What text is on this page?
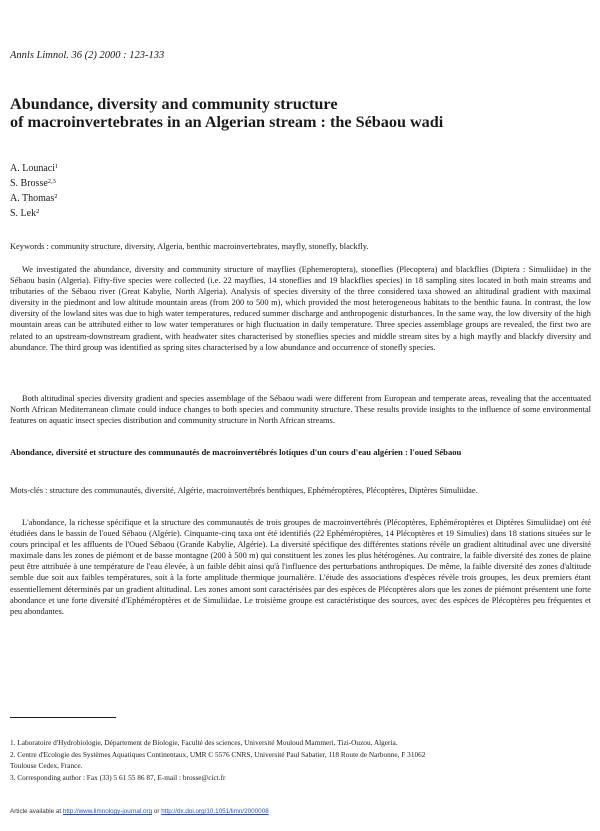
Annls Limnol. 36 (2) 2000 : 123-133
Abundance, diversity and community structure
of macroinvertebrates in an Algerian stream : the Sébaou wadi
A. Lounaci$^1$
S. Brosse$^{2,3}$
A. Thomas$^2$
S. Lek$^2$
Keywords : community structure, diversity, Algeria, benthic macroinvertebrates, mayfly, stonefly, blackfly.

We investigated the abundance, diversity and community structure of mayflies (Ephemeroptera), stoneflies (Plecoptera) and blackflies (Diptera : Simuliidae) in the Sébaou basin (Algeria). Fifty-five species were collected (i.e. 22 mayflies, 14 stoneflies and 19 blackflies species) in 18 sampling sites located in both main streams and tributaries of the Sébaou river (Great Kabylie, North Algeria). Analysis of species diversity of the three considered taxa showed an altitudinal gradient with maximal diversity in the piedmont and low altitude mountain areas (from 200 to 500 m), which provided the most heterogeneous habitats to the benthic fauna. In contrast, the low diversity of the lowland sites was due to high water temperatures, reduced summer discharge and anthropogenic disturbances. In the same way, the low diversity of the high mountain areas can be attributed either to low water temperatures or high fluctuation in daily temperature. Three species assemblage groups are revealed, the first two are related to an upstream-downstream gradient, with headwater sites characterised by stoneflies species and middle stream sites by a high mayfly and blackfy diversity and abundance. The third group was identified as spring sites characterised by a low abundance and occurrence of stonefly species.

Both altitudinal species diversity gradient and species assemblage of the Sébaou wadi were different from European and temperate areas, revealing that the accentuated North African Mediterranean climate could induce changes to both species and community structure. These results provide insights to the influence of some environmental features on aquatic insect species distribution and community structure in North African streams.

Abondance, diversité et structure des communautés de macroinvertébrés lotiques d'un cours d'eau algérien : l'oued Sébaou

Mots-clés : structure des communautés, diversité, Algérie, macroinvertébrés benthiques, Ephéméroptères, Plécoptères, Diptères Simuliidae.

L'abondance, la richesse spécifique et la structure des communautés de trois groupes de macroinvertébrés (Plécoptères, Ephéméroptères et Diptères Simuliidae) ont été étudiées dans le bassin de l'oued Sébaou (Algérie). Cinquante-cinq taxa ont été identifiés (22 Ephéméroptères, 14 Plécoptères et 19 Simulies) dans 18 stations situées sur le cours principal et les affluents de l'Oued Sébaou (Grande Kabylie, Algérie). La diversité spécifique des différentes stations révèle un gradient altitudinal avec une diversité maximale dans les zones de piémont et de basse montagne (200 à 500 m) qui constituent les zones les plus hétérogènes. Au contraire, la faible diversité des zones de plaine peut être attribuée à une température de l'eau élevée, à un faible débit ainsi qu'à l'influence des perturbations anthropiques. De même, la faible diversité des zones d'altitude semble due soit aux faibles températures, soit à la forte amplitude thermique journalière. L'étude des associations d'espèces révèle trois groupes, les deux premiers étant essentiellement déterminés par un gradient altitudinal. Les zones amont sont caractérisées par des espèces de Plécoptères alors que les zones de piémont présentent une forte abondance et une forte diversité d'Ephéméroptères et de Simuliidae. Le troisième groupe est caractéristique des sources, avec des espèces de Plécoptères peu fréquentes et peu abondantes.

1. Laboratoire d'Hydrobiologie, Département de Biologie, Faculté des sciences, Université Mouloud Mammeri, Tizi-Ouzou, Algeria.
2. Centre d'Ecologie des Systèmes Aquatiques Continentaux, UMR C 5576 CNRS, Université Paul Sabatier, 118 Route de Narbonne, F 31062
Toulouse Cedex, France.
3. Corresponding author : Fax (33) 5 61 55 86 87, E-mail : brosse@cict.fr
Article available at http://www.limnology-journal.org or http://dx.doi.org/10.1051/limn/2000008
